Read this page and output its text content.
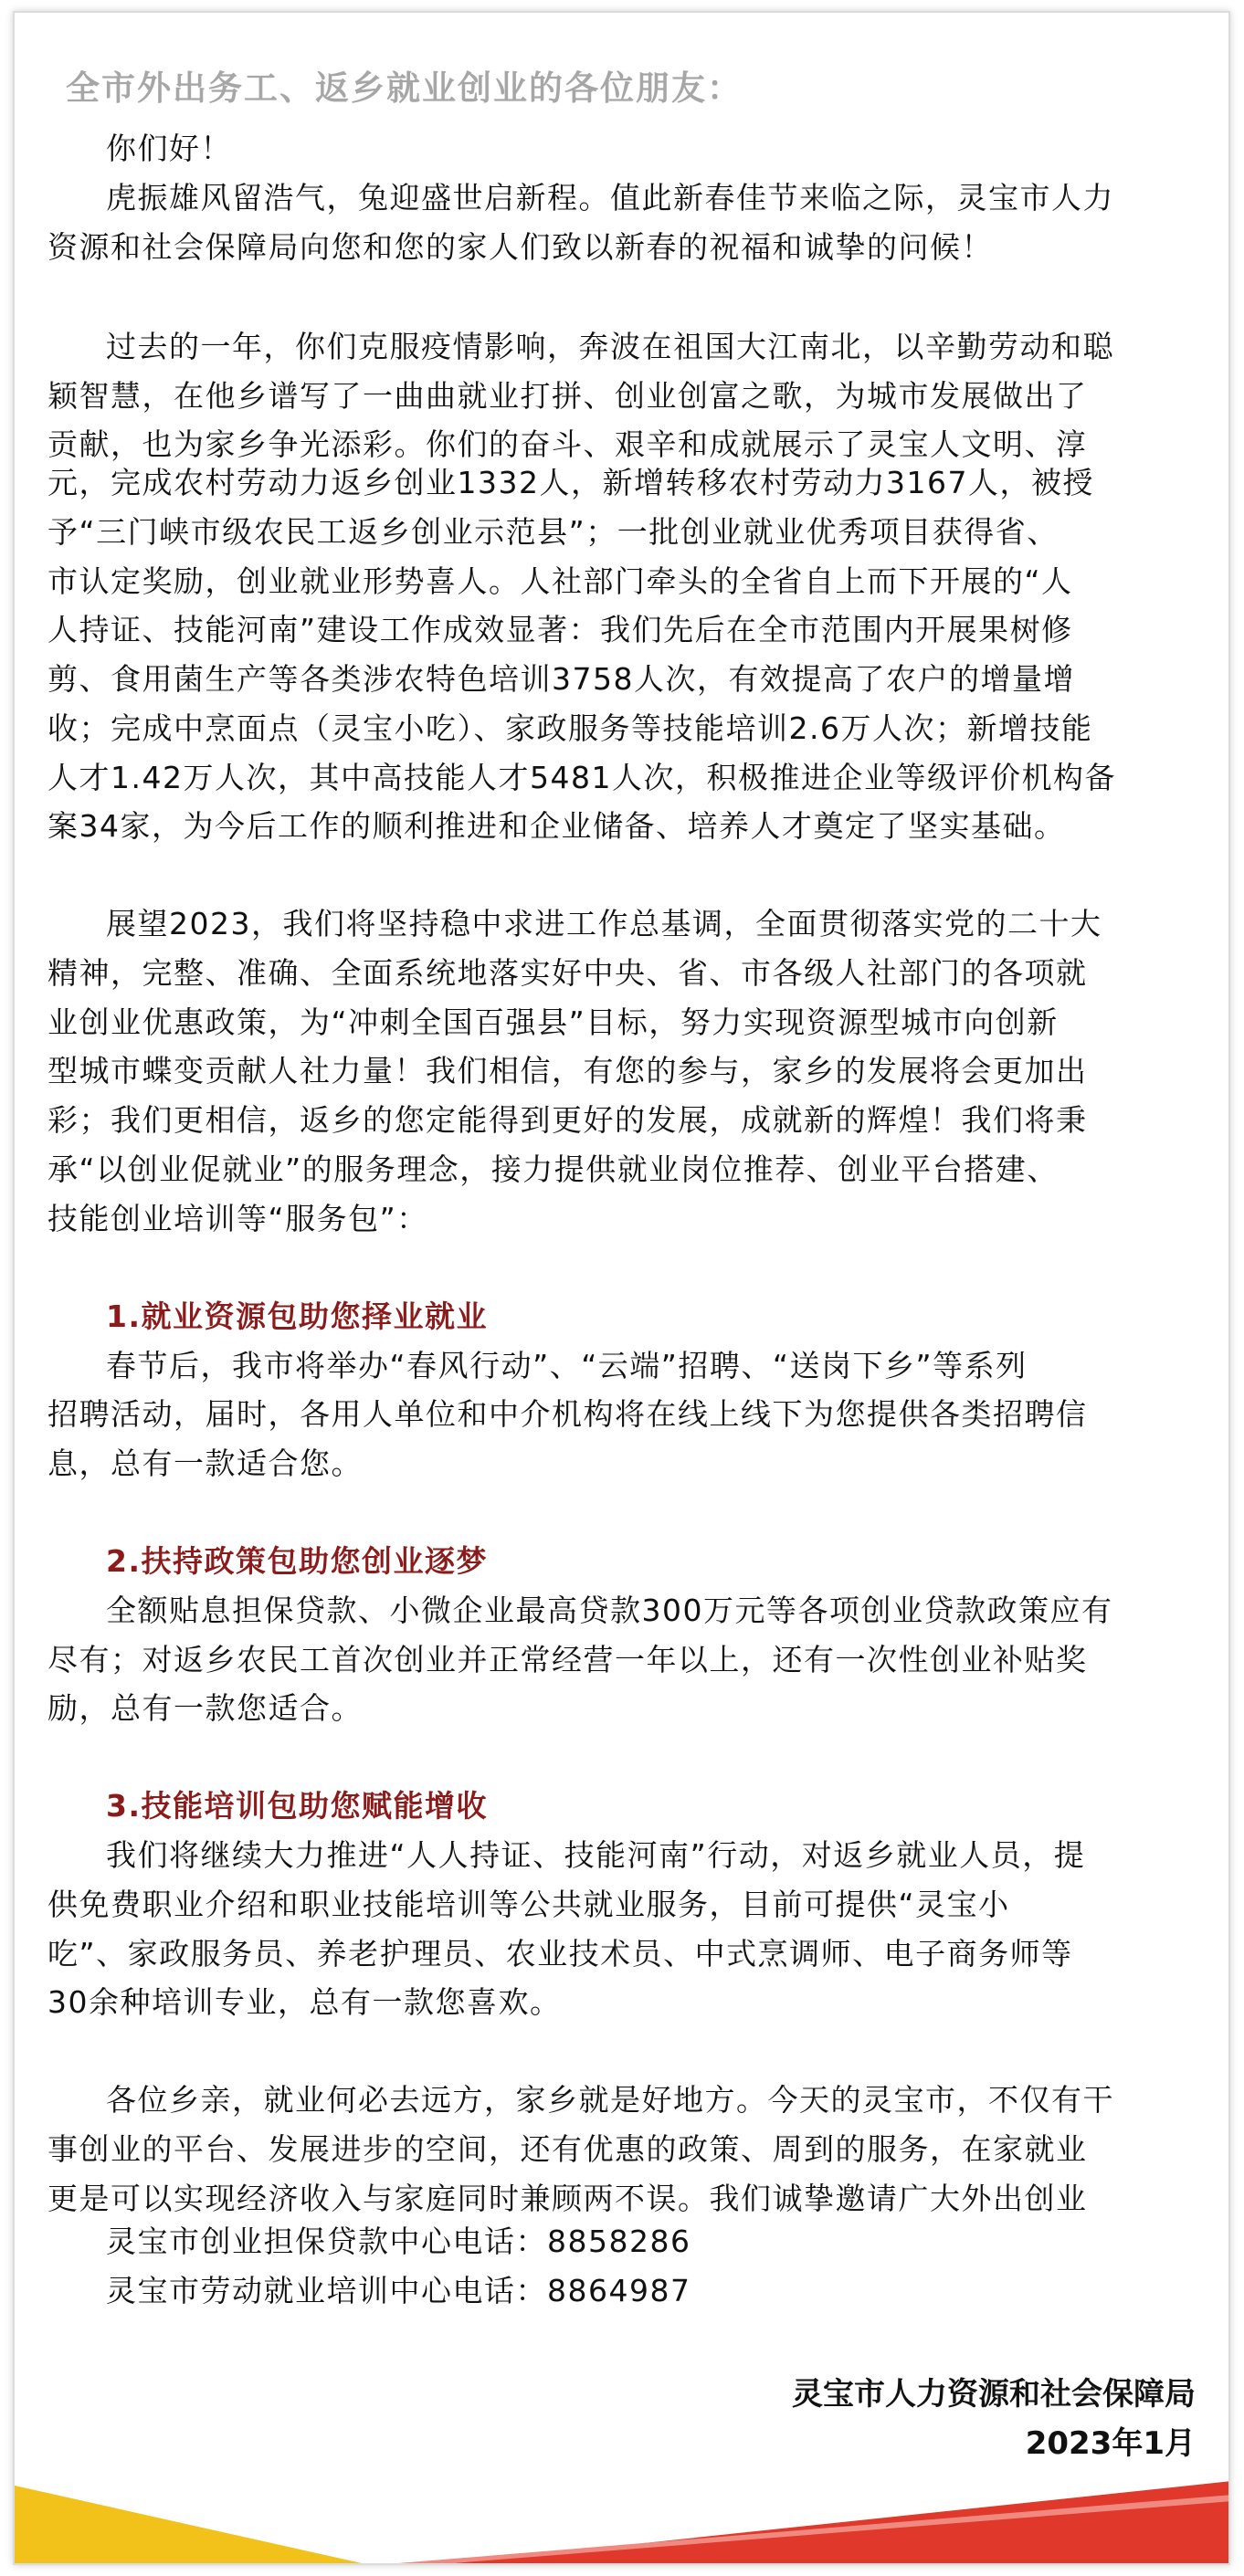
全市外出务工、返乡就业创业的各位朋友：
你们好！
虎振雄风留浩气，兔迎盛世启新程。值此新春佳节来临之际，灵宝市人力
资源和社会保障局向您和您的家人们致以新春的祝福和诚挚的问候！
过去的一年，你们克服疫情影响，奔波在祖国大江南北，以辛勤劳动和聪
颖智慧，在他乡谱写了一曲曲就业打拼、创业创富之歌，为城市发展做出了
贡献，也为家乡争光添彩。你们的奋斗、艰辛和成就展示了灵宝人文明、淳
元，完成农村劳动力返乡创业1332人，新增转移农村劳动力3167人，被授
予“三门峡市级农民工返乡创业示范县”；一批创业就业优秀项目获得省、
市认定奖励，创业就业形势喜人。人社部门牵头的全省自上而下开展的“人
人持证、技能河南”建设工作成效显著：我们先后在全市范围内开展果树修
剪、食用菌生产等各类涉农特色培训3758人次，有效提高了农户的增量增
收；完成中烹面点（灵宝小吃）、家政服务等技能培训2.6万人次；新增技能
人才1.42万人次，其中高技能人才5481人次，积极推进企业等级评价机构备
案34家，为今后工作的顺利推进和企业储备、培养人才奠定了坚实基础。
展望2023，我们将坚持稳中求进工作总基调，全面贯彻落实党的二十大
精神，完整、准确、全面系统地落实好中央、省、市各级人社部门的各项就
业创业优惠政策，为“冲刺全国百强县”目标，努力实现资源型城市向创新
型城市蝶变贡献人社力量！我们相信，有您的参与，家乡的发展将会更加出
彩；我们更相信，返乡的您定能得到更好的发展，成就新的辉煌！我们将秉
承“以创业促就业”的服务理念，接力提供就业岗位推荐、创业平台搭建、
技能创业培训等“服务包”：
1.就业资源包助您择业就业
春节后，我市将举办“春风行动”、“云端”招聘、“送岗下乡”等系列
招聘活动，届时，各用人单位和中介机构将在线上线下为您提供各类招聘信
息，总有一款适合您。
2.扶持政策包助您创业逐梦
全额贴息担保贷款、小微企业最高贷款300万元等各项创业贷款政策应有
尽有；对返乡农民工首次创业并正常经营一年以上，还有一次性创业补贴奖
励，总有一款您适合。
3.技能培训包助您赋能增收
我们将继续大力推进“人人持证、技能河南”行动，对返乡就业人员，提
供免费职业介绍和职业技能培训等公共就业服务，目前可提供“灵宝小
吃”、家政服务员、养老护理员、农业技术员、中式烹调师、电子商务师等
30余种培训专业，总有一款您喜欢。
各位乡亲，就业何必去远方，家乡就是好地方。今天的灵宝市，不仅有干
事创业的平台、发展进步的空间，还有优惠的政策、周到的服务，在家就业
更是可以实现经济收入与家庭同时兼顾两不误。我们诚挚邀请广大外出创业
灵宝市创业担保贷款中心电话：8858286
灵宝市劳动就业培训中心电话：8864987
灵宝市人力资源和社会保障局
2023年1月
